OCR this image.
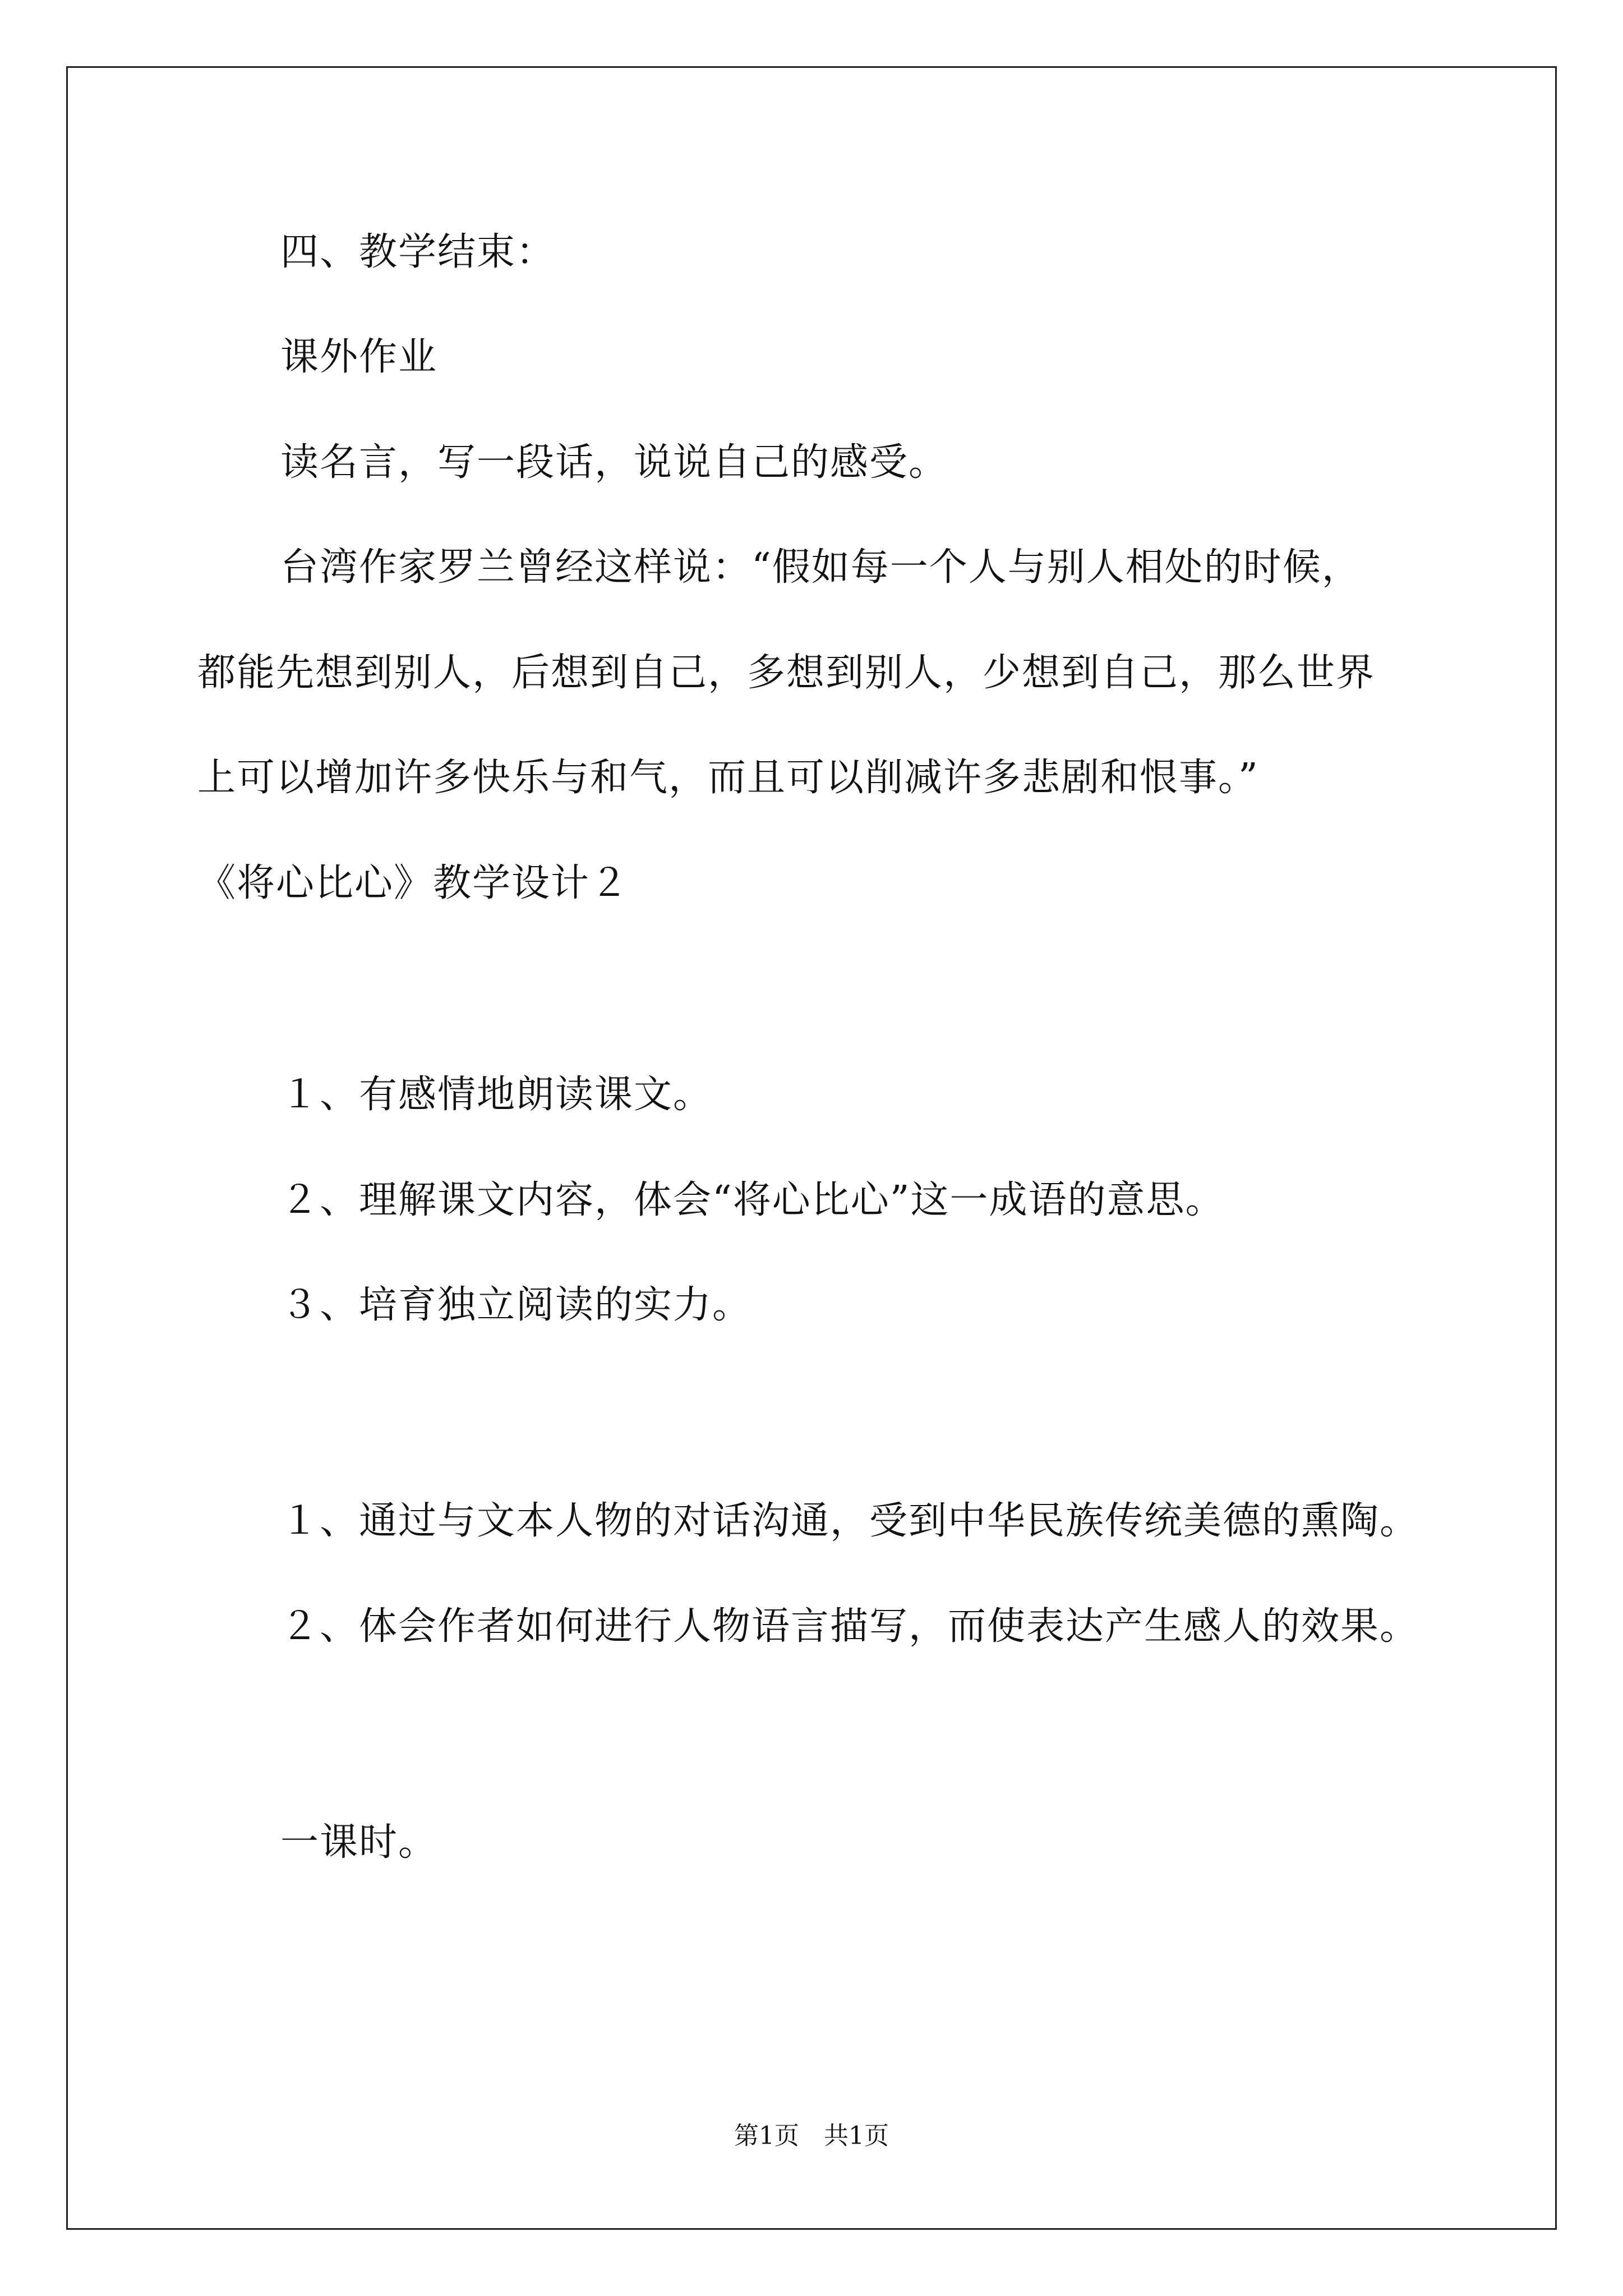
四、教学结束：
课外作业
读名言，写一段话，说说自己的感受。
台湾作家罗兰曾经这样说：“假如每一个人与别人相处的时候，
都能先想到别人，后想到自己，多想到别人，少想到自己，那么世界
上可以增加许多快乐与和气，而且可以削减许多悲剧和恨事。”
《将心比心》教学设计２
１、有感情地朗读课文。
２、理解课文内容，体会“将心比心”这一成语的意思。
３、培育独立阅读的实力。
１、通过与文本人物的对话沟通，受到中华民族传统美德的熏陶。
２、体会作者如何进行人物语言描写，而使表达产生感人的效果。
一课时。
第1页　共1页
